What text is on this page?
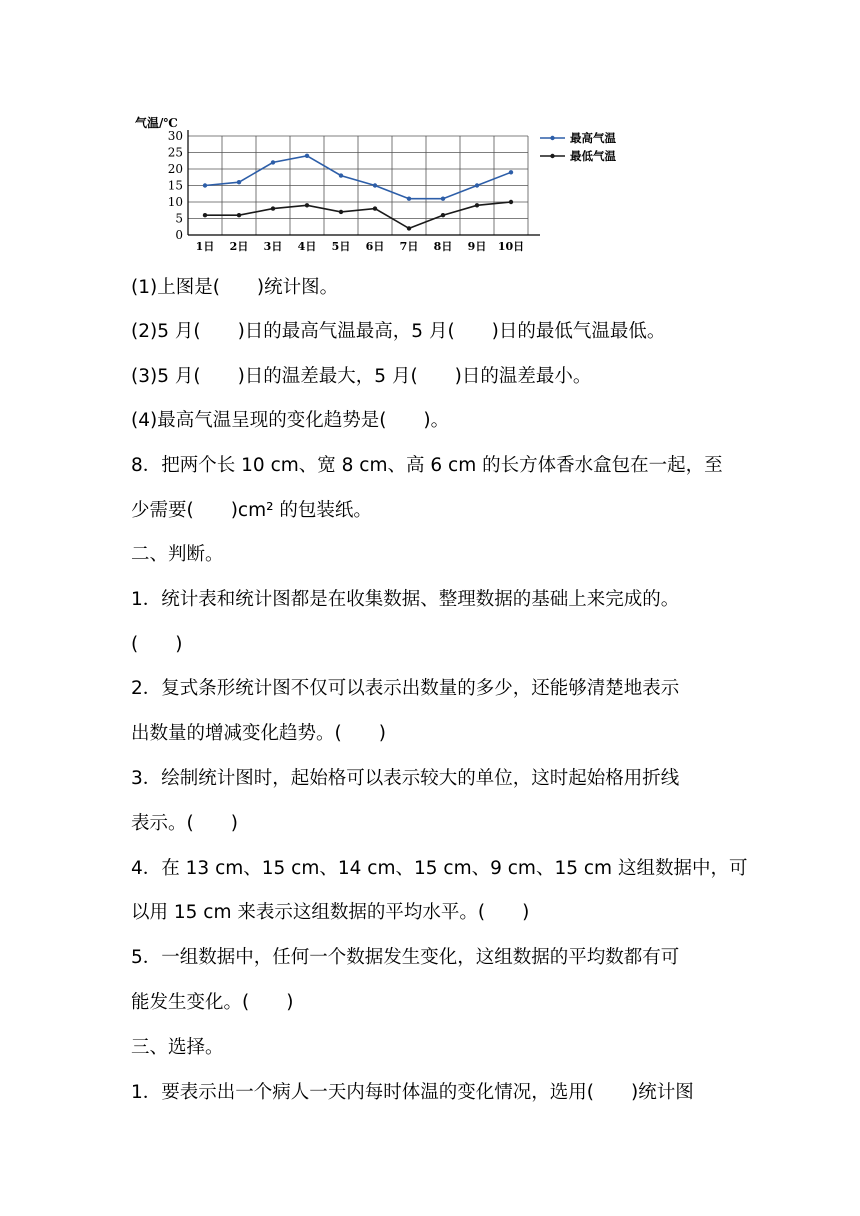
气温/℃
0
5
10
15
20
25
30
1日 2日 3日 4日 5日 6日 7日 8日 9日 10日
最高气温
最低气温
(1)上图是(　　)统计图。
(2)5 月(　　)日的最高气温最高，5 月(　　)日的最低气温最低。
(3)5 月(　　)日的温差最大，5 月(　　)日的温差最小。
(4)最高气温呈现的变化趋势是(　　)。
8．把两个长 10 cm、宽 8 cm、高 6 cm 的长方体香水盒包在一起，至
少需要(　　)cm² 的包装纸。
二、判断。
1．统计表和统计图都是在收集数据、整理数据的基础上来完成的。
(　　)
2．复式条形统计图不仅可以表示出数量的多少，还能够清楚地表示
出数量的增减变化趋势。(　　)
3．绘制统计图时，起始格可以表示较大的单位，这时起始格用折线
表示。(　　)
4．在 13 cm、15 cm、14 cm、15 cm、9 cm、15 cm 这组数据中，可
以用 15 cm 来表示这组数据的平均水平。(　　)
5．一组数据中，任何一个数据发生变化，这组数据的平均数都有可
能发生变化。(　　)
三、选择。
1．要表示出一个病人一天内每时体温的变化情况，选用(　　)统计图
